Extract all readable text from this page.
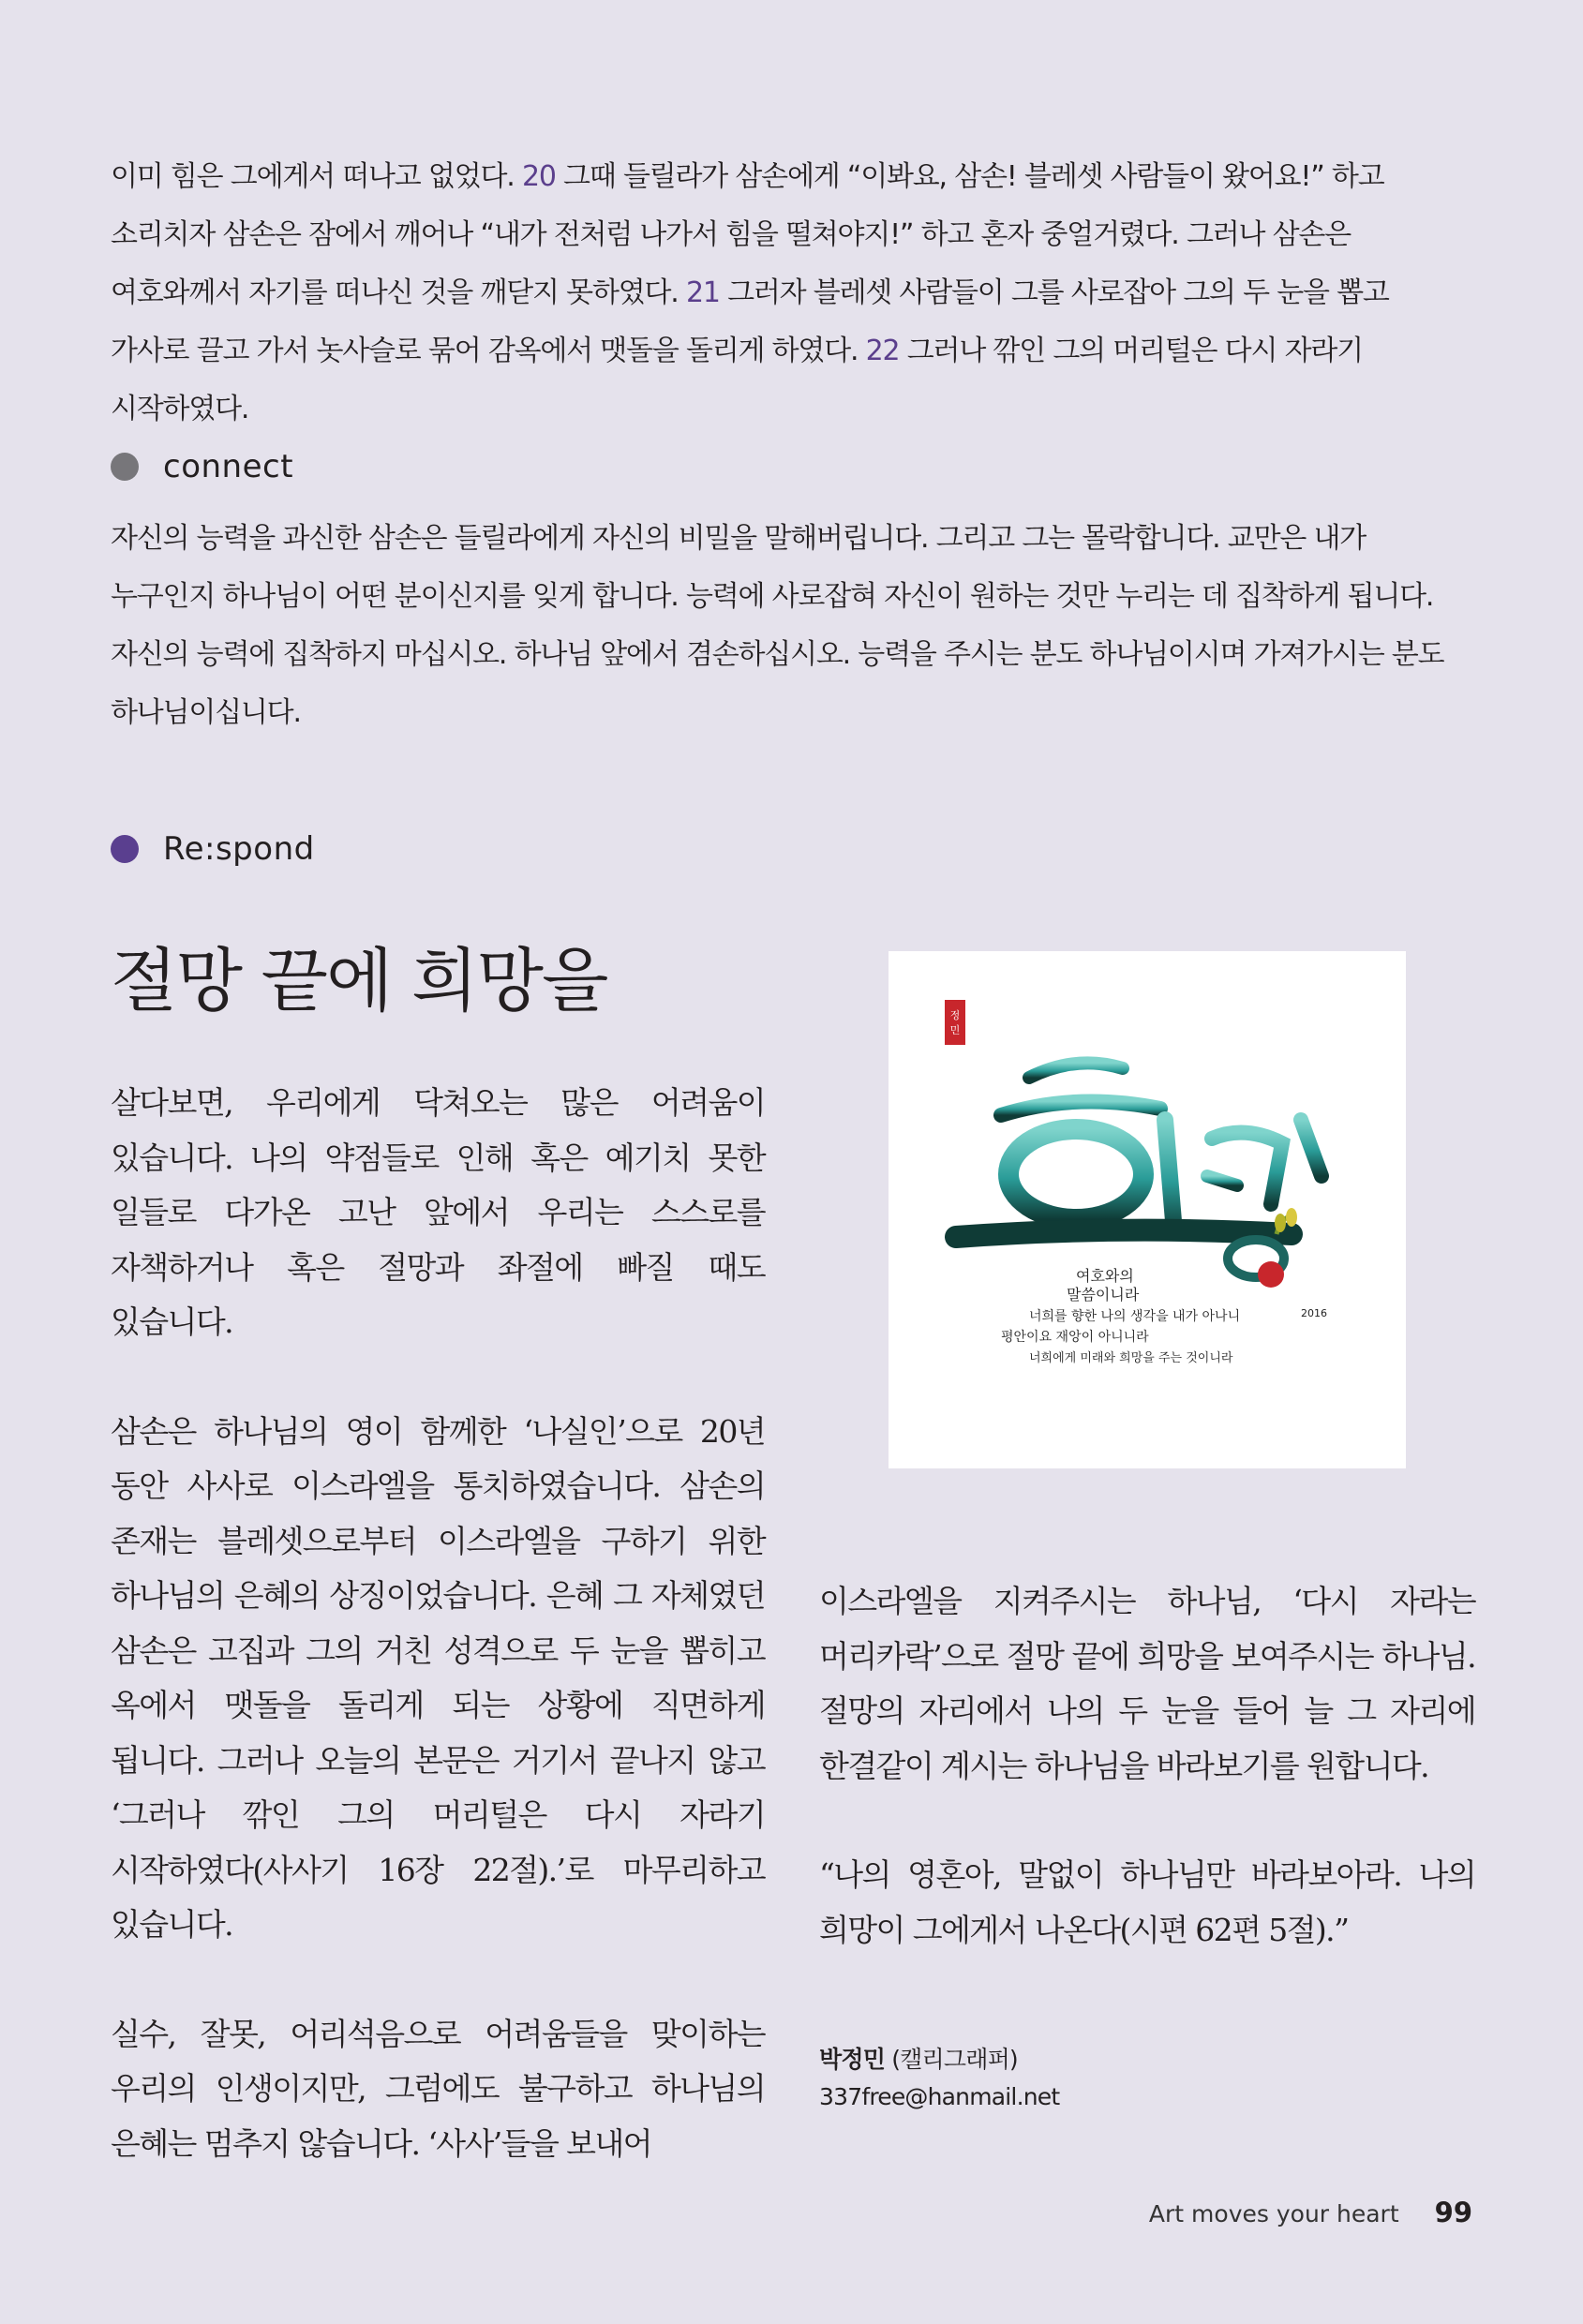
이미 힘은 그에게서 떠나고 없었다. 20 그때 들릴라가 삼손에게 “이봐요, 삼손! 블레셋 사람들이 왔어요!” 하고 소리치자 삼손은 잠에서 깨어나 “내가 전처럼 나가서 힘을 떨쳐야지!” 하고 혼자 중얼거렸다. 그러나 삼손은 여호와께서 자기를 떠나신 것을 깨닫지 못하였다. 21 그러자 블레셋 사람들이 그를 사로잡아 그의 두 눈을 뽑고 가사로 끌고 가서 놋사슬로 묶어 감옥에서 맷돌을 돌리게 하였다. 22 그러나 깎인 그의 머리털은 다시 자라기 시작하였다.

connect

자신의 능력을 과신한 삼손은 들릴라에게 자신의 비밀을 말해버립니다. 그리고 그는 몰락합니다. 교만은 내가 누구인지 하나님이 어떤 분이신지를 잊게 합니다. 능력에 사로잡혀 자신이 원하는 것만 누리는 데 집착하게 됩니다. 자신의 능력에 집착하지 마십시오. 하나님 앞에서 겸손하십시오. 능력을 주시는 분도 하나님이시며 가져가시는 분도 하나님이십니다.

Re:spond
절망 끝에 희망을

살다보면, 우리에게 닥쳐오는 많은 어려움이 있습니다. 나의 약점들로 인해 혹은 예기치 못한 일들로 다가온 고난 앞에서 우리는 스스로를 자책하거나 혹은 절망과 좌절에 빠질 때도 있습니다.

삼손은 하나님의 영이 함께한 ‘나실인’으로 20년 동안 사사로 이스라엘을 통치하였습니다. 삼손의 존재는 블레셋으로부터 이스라엘을 구하기 위한 하나님의 은혜의 상징이었습니다. 은혜 그 자체였던 삼손은 고집과 그의 거친 성격으로 두 눈을 뽑히고 옥에서 맷돌을 돌리게 되는 상황에 직면하게 됩니다. 그러나 오늘의 본문은 거기서 끝나지 않고 ‘그러나 깎인 그의 머리털은 다시 자라기 시작하였다(사사기 16장 22절).’로 마무리하고 있습니다.

실수, 잘못, 어리석음으로 어려움들을 맞이하는 우리의 인생이지만, 그럼에도 불구하고 하나님의 은혜는 멈추지 않습니다. ‘사사’들을 보내어

정
민
2016
여호와의
말씀이니라
너희를 향한 나의 생각을 내가 아나니
평안이요 재앙이 아니니라
너희에게 미래와 희망을 주는 것이니라

이스라엘을 지켜주시는 하나님, ‘다시 자라는 머리카락’으로 절망 끝에 희망을 보여주시는 하나님. 절망의 자리에서 나의 두 눈을 들어 늘 그 자리에 한결같이 계시는 하나님을 바라보기를 원합니다.

“나의 영혼아, 말없이 하나님만 바라보아라. 나의 희망이 그에게서 나온다(시편 62편 5절).”

박정민 (캘리그래퍼)
337free@hanmail.net
Art moves your heart 99
